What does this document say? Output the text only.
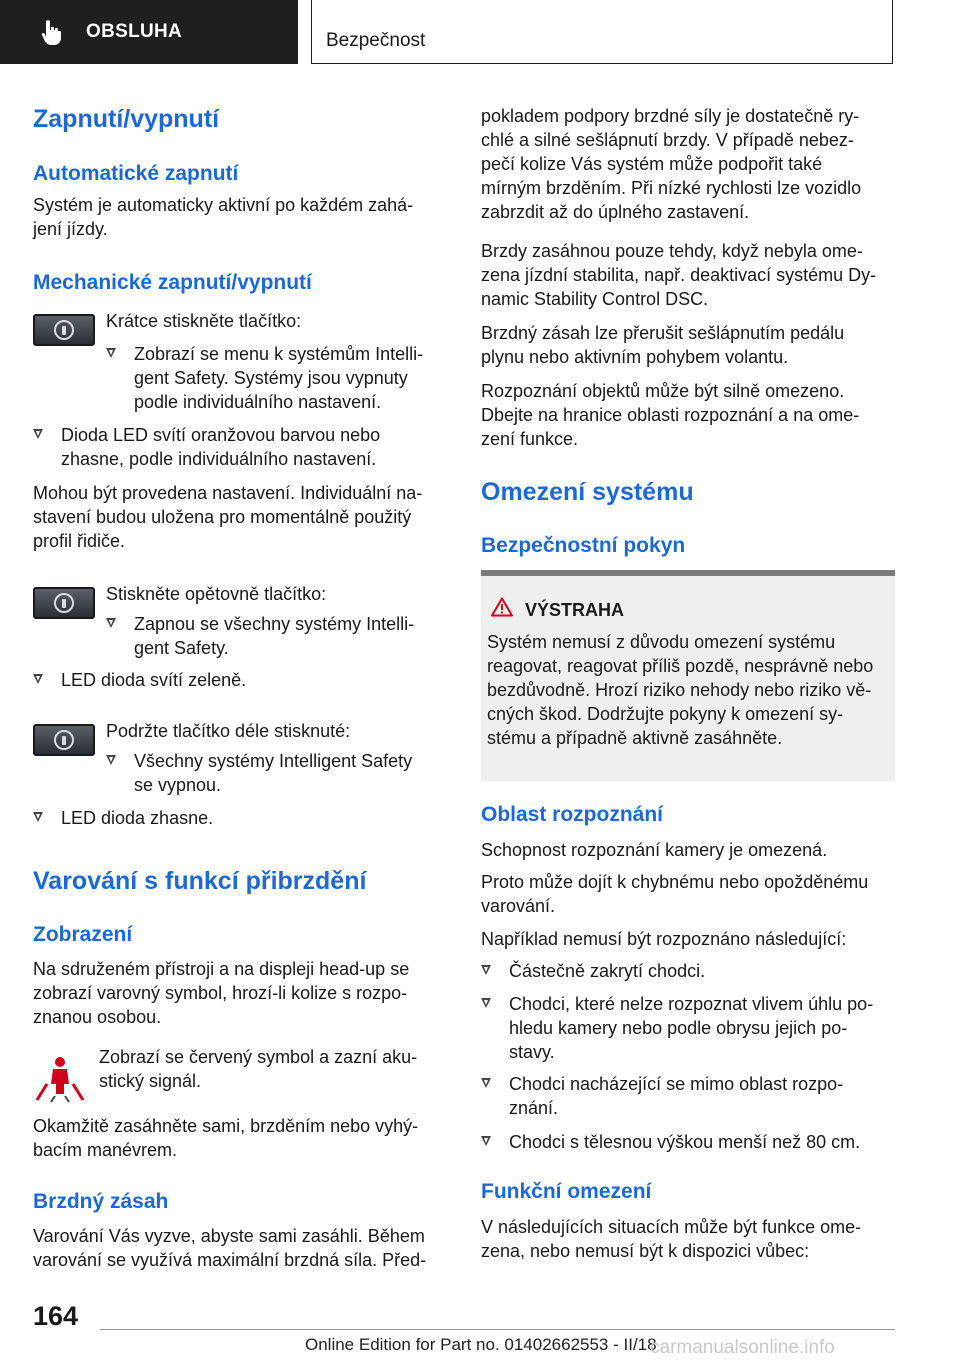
OBSLUHA	Bezpečnost
Zapnutí/vypnutí
Automatické zapnutí
Systém je automaticky aktivní po každém zahá-
jení jízdy.
Mechanické zapnutí/vypnutí
Krátce stiskněte tlačítko:
Zobrazí se menu k systémům Intelli-
gent Safety. Systémy jsou vypnuty
podle individuálního nastavení.
Dioda LED svítí oranžovou barvou nebo
zhasne, podle individuálního nastavení.
Mohou být provedena nastavení. Individuální na-
stavení budou uložena pro momentálně použitý
profil řidiče.
Stiskněte opětovně tlačítko:
Zapnou se všechny systémy Intelli-
gent Safety.
LED dioda svítí zeleně.
Podržte tlačítko déle stisknuté:
Všechny systémy Intelligent Safety
se vypnou.
LED dioda zhasne.
Varování s funkcí přibrzdění
Zobrazení
Na sdruženém přístroji a na displeji head-up se
zobrazí varovný symbol, hrozí-li kolize s rozpo-
znanou osobou.
Zobrazí se červený symbol a zazní aku-
stický signál.
Okamžitě zasáhněte sami, brzděním nebo vyhý-
bacím manévrem.
Brzdný zásah
Varování Vás vyzve, abyste sami zasáhli. Během
varování se využívá maximální brzdná síla. Před-
pokladem podpory brzdné síly je dostatečně ry-
chlé a silné sešlápnutí brzdy. V případě nebez-
pečí kolize Vás systém může podpořit také
mírným brzděním. Při nízké rychlosti lze vozidlo
zabrzdit až do úplného zastavení.
Brzdy zasáhnou pouze tehdy, když nebyla ome-
zena jízdní stabilita, např. deaktivací systému Dy-
namic Stability Control DSC.
Brzdný zásah lze přerušit sešlápnutím pedálu
plynu nebo aktivním pohybem volantu.
Rozpoznání objektů může být silně omezeno.
Dbejte na hranice oblasti rozpoznání a na ome-
zení funkce.
Omezení systému
Bezpečnostní pokyn
VÝSTRAHA
Systém nemusí z důvodu omezení systému
reagovat, reagovat příliš pozdě, nesprávně nebo
bezdůvodně. Hrozí riziko nehody nebo riziko vě-
cných škod. Dodržujte pokyny k omezení sy-
stému a případně aktivně zasáhněte.
Oblast rozpoznání
Schopnost rozpoznání kamery je omezená.
Proto může dojít k chybnému nebo opožděnému
varování.
Například nemusí být rozpoznáno následující:
Částečně zakrytí chodci.
Chodci, které nelze rozpoznat vlivem úhlu po-
hledu kamery nebo podle obrysu jejich po-
stavy.
Chodci nacházející se mimo oblast rozpo-
znání.
Chodci s tělesnou výškou menší než 80 cm.
Funkční omezení
V následujících situacích může být funkce ome-
zena, nebo nemusí být k dispozici vůbec:
164
Online Edition for Part no. 01402662553 - II/18
carmanualsonline.info
